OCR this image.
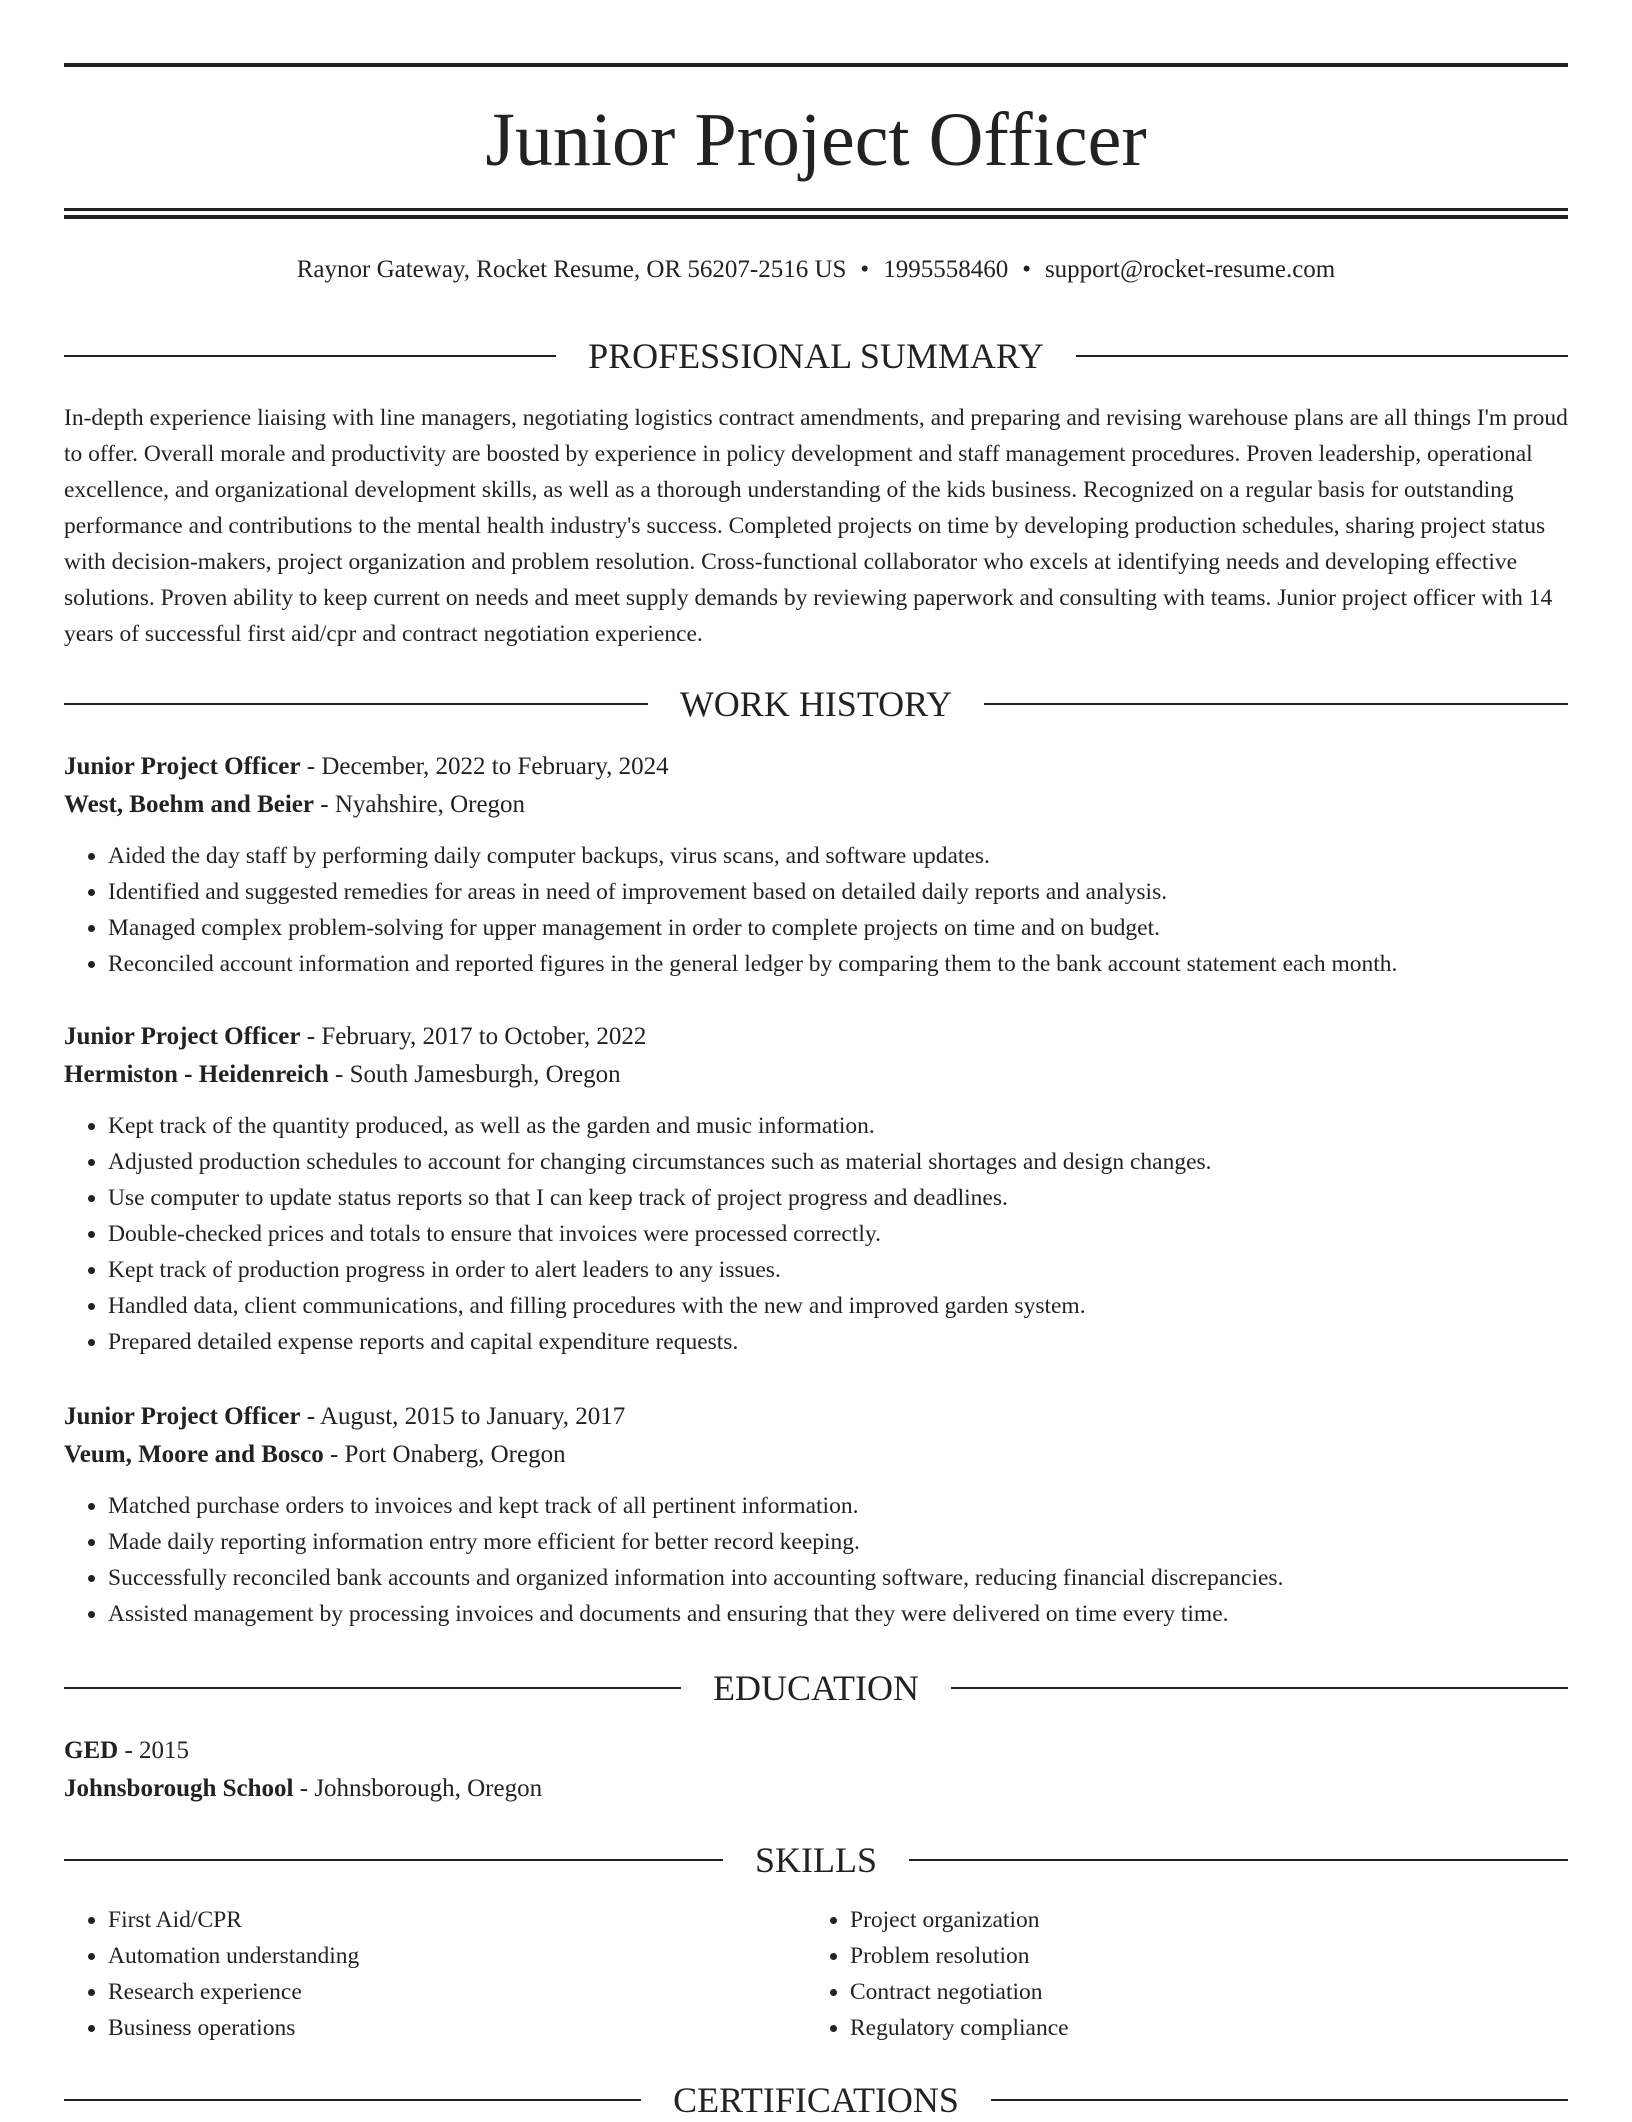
Junior Project Officer
Raynor Gateway, Rocket Resume, OR 56207-2516 US • 1995558460 • support@rocket-resume.com
PROFESSIONAL SUMMARY

In-depth experience liaising with line managers, negotiating logistics contract amendments, and preparing and revising warehouse plans are all things I'm proud to offer. Overall morale and productivity are boosted by experience in policy development and staff management procedures. Proven leadership, operational excellence, and organizational development skills, as well as a thorough understanding of the kids business. Recognized on a regular basis for outstanding performance and contributions to the mental health industry's success. Completed projects on time by developing production schedules, sharing project status with decision-makers, project organization and problem resolution. Cross-functional collaborator who excels at identifying needs and developing effective solutions. Proven ability to keep current on needs and meet supply demands by reviewing paperwork and consulting with teams. Junior project officer with 14 years of successful first aid/cpr and contract negotiation experience.

WORK HISTORY
Junior Project Officer - December, 2022 to February, 2024
West, Boehm and Beier - Nyahshire, Oregon
• Aided the day staff by performing daily computer backups, virus scans, and software updates.
• Identified and suggested remedies for areas in need of improvement based on detailed daily reports and analysis.
• Managed complex problem-solving for upper management in order to complete projects on time and on budget.
• Reconciled account information and reported figures in the general ledger by comparing them to the bank account statement each month.
Junior Project Officer - February, 2017 to October, 2022
Hermiston - Heidenreich - South Jamesburgh, Oregon
• Kept track of the quantity produced, as well as the garden and music information.
• Adjusted production schedules to account for changing circumstances such as material shortages and design changes.
• Use computer to update status reports so that I can keep track of project progress and deadlines.
• Double-checked prices and totals to ensure that invoices were processed correctly.
• Kept track of production progress in order to alert leaders to any issues.
• Handled data, client communications, and filling procedures with the new and improved garden system.
• Prepared detailed expense reports and capital expenditure requests.
Junior Project Officer - August, 2015 to January, 2017
Veum, Moore and Bosco - Port Onaberg, Oregon
• Matched purchase orders to invoices and kept track of all pertinent information.
• Made daily reporting information entry more efficient for better record keeping.
• Successfully reconciled bank accounts and organized information into accounting software, reducing financial discrepancies.
• Assisted management by processing invoices and documents and ensuring that they were delivered on time every time.
EDUCATION
GED - 2015
Johnsborough School - Johnsborough, Oregon
SKILLS
• First Aid/CPR
• Automation understanding
• Research experience
• Business operations
• Project organization
• Problem resolution
• Contract negotiation
• Regulatory compliance
CERTIFICATIONS
